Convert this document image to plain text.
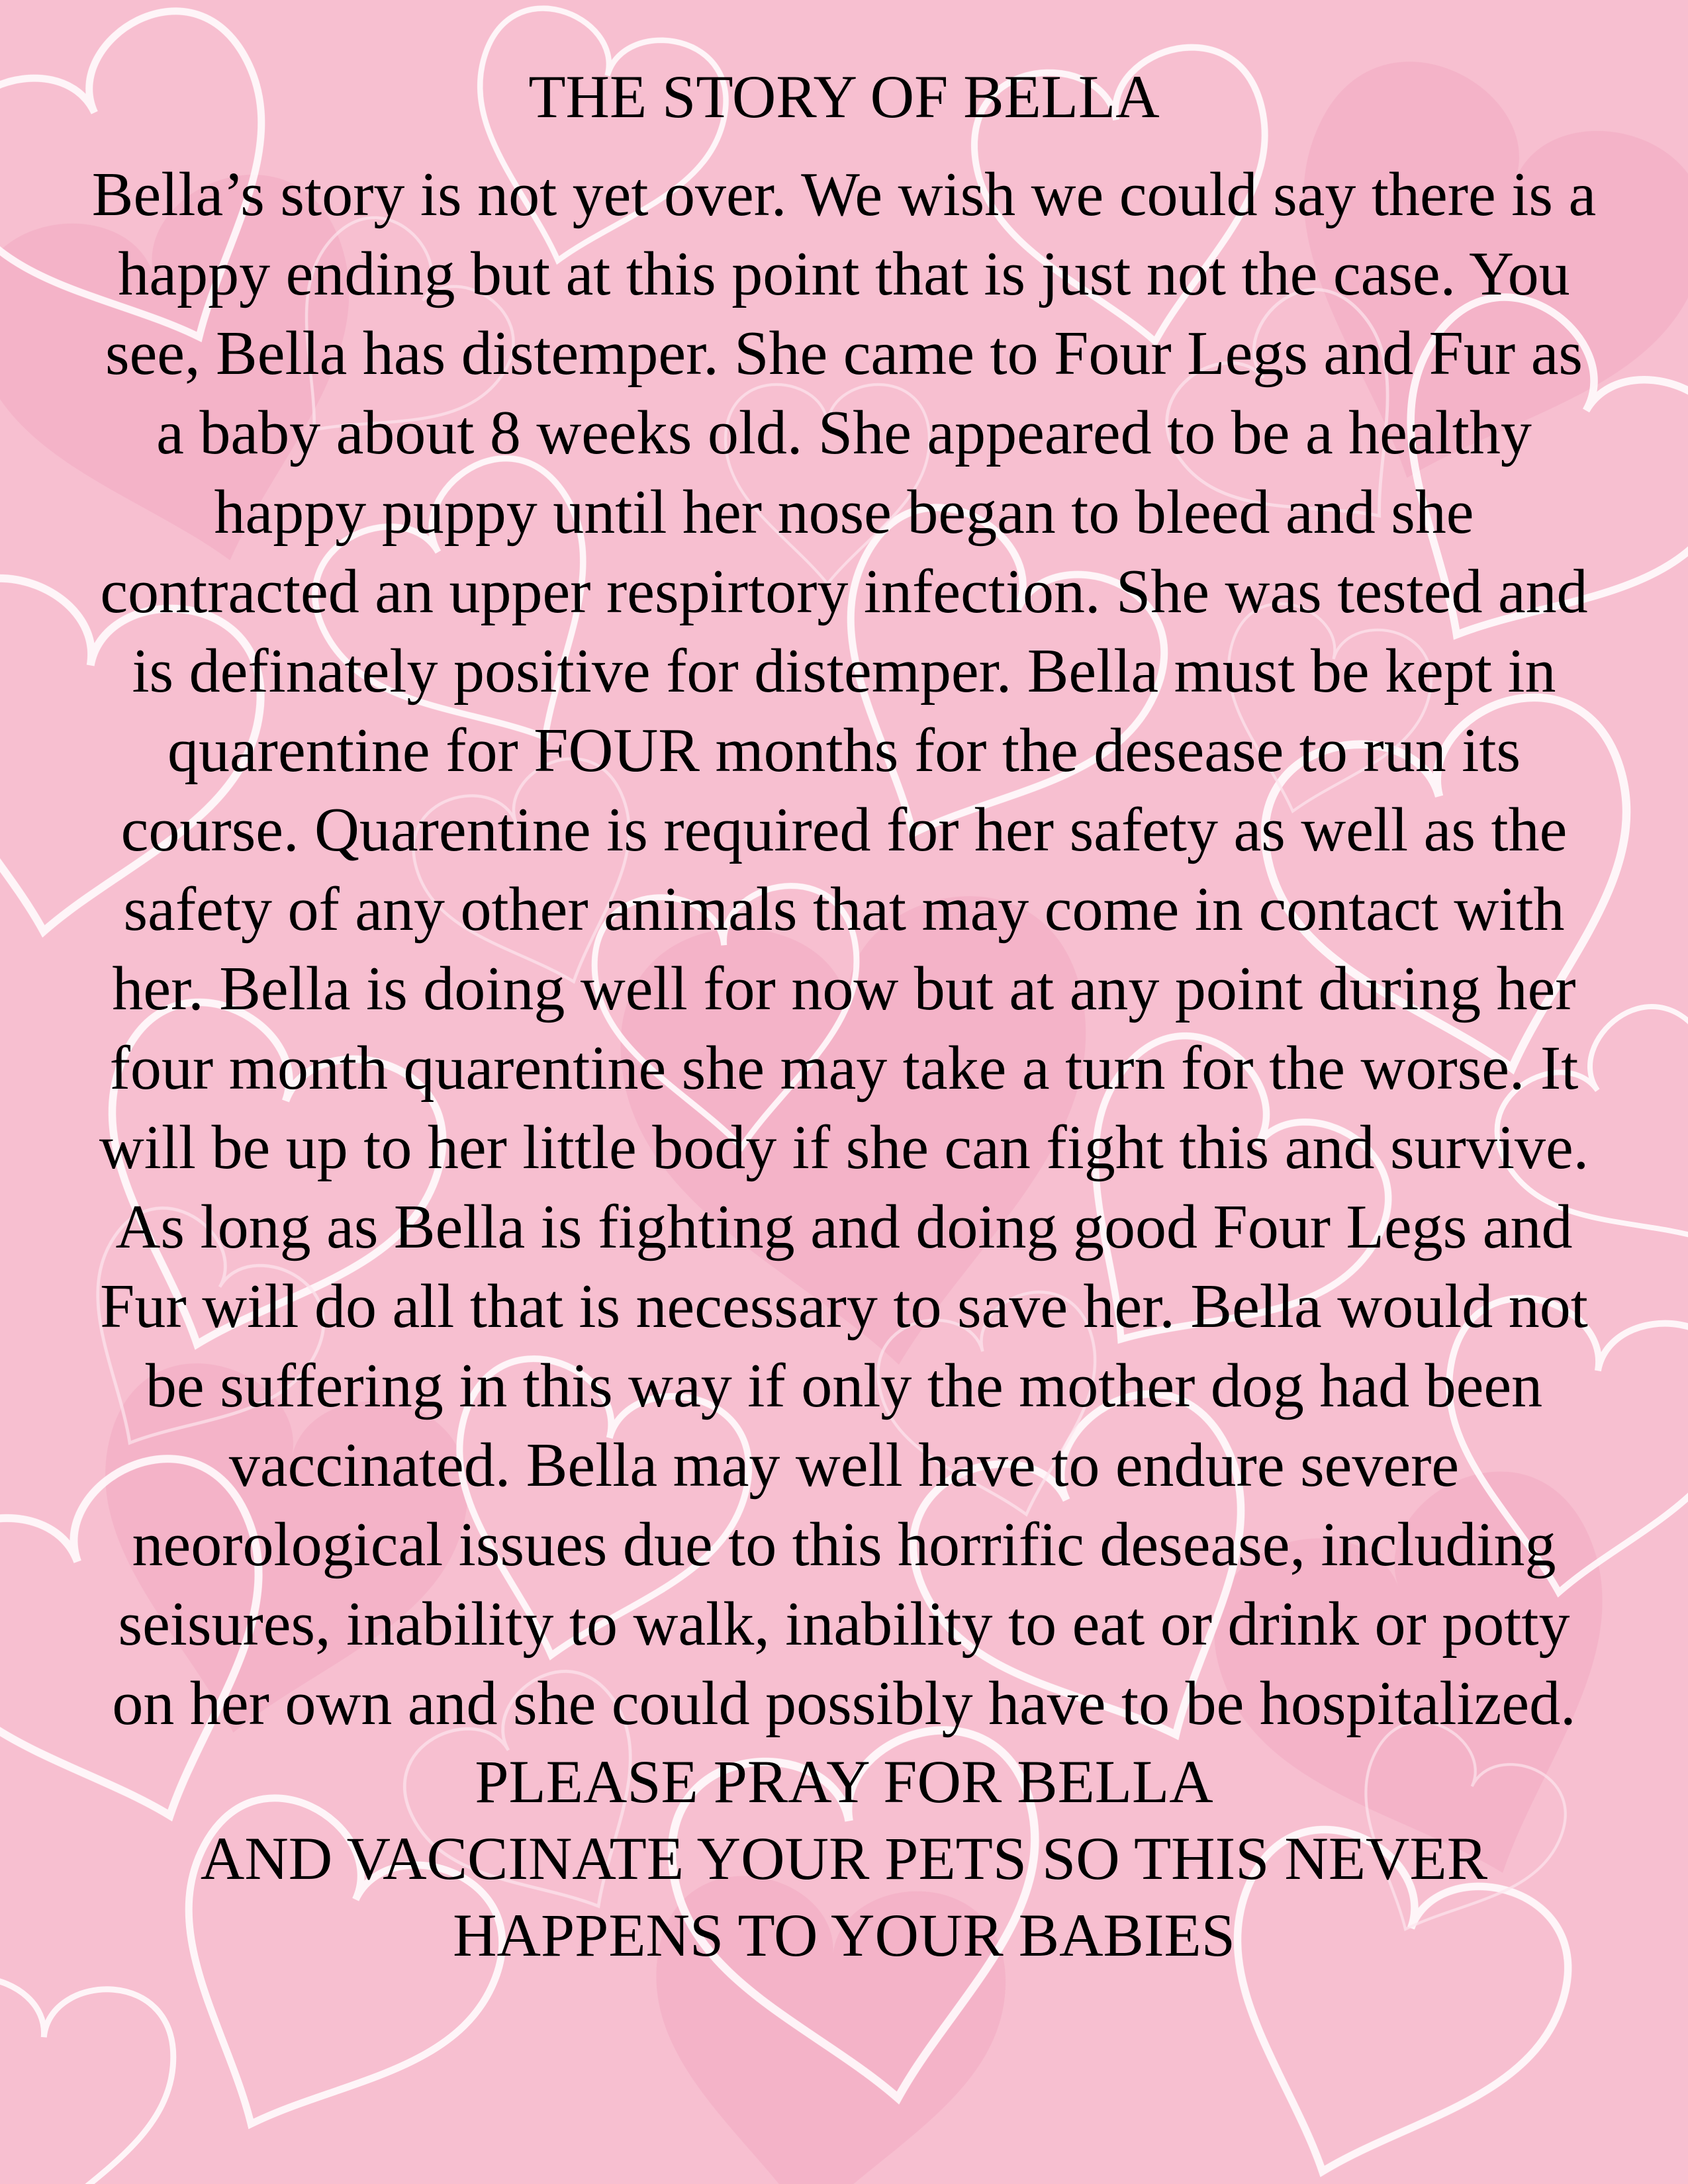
THE STORY OF BELLA
Bella’s story is not yet over. We wish we could say there is a
happy ending but at this point that is just not the case. You
see, Bella has distemper. She came to Four Legs and Fur as
a baby about 8 weeks old. She appeared to be a healthy
happy puppy until her nose began to bleed and she
contracted an upper respirtory infection. She was tested and
is definately positive for distemper. Bella must be kept in
quarentine for FOUR months for the desease to run its
course. Quarentine is required for her safety as well as the
safety of any other animals that may come in contact with
her. Bella is doing well for now but at any point during her
four month quarentine she may take a turn for the worse. It
will be up to her little body if she can fight this and survive.
As long as Bella is fighting and doing good Four Legs and
Fur will do all that is necessary to save her. Bella would not
be suffering in this way if only the mother dog had been
vaccinated. Bella may well have to endure severe
neorological issues due to this horrific desease, including
seisures, inability to walk, inability to eat or drink or potty
on her own and she could possibly have to be hospitalized.
PLEASE PRAY FOR BELLA
AND VACCINATE YOUR PETS SO THIS NEVER
HAPPENS TO YOUR BABIES
